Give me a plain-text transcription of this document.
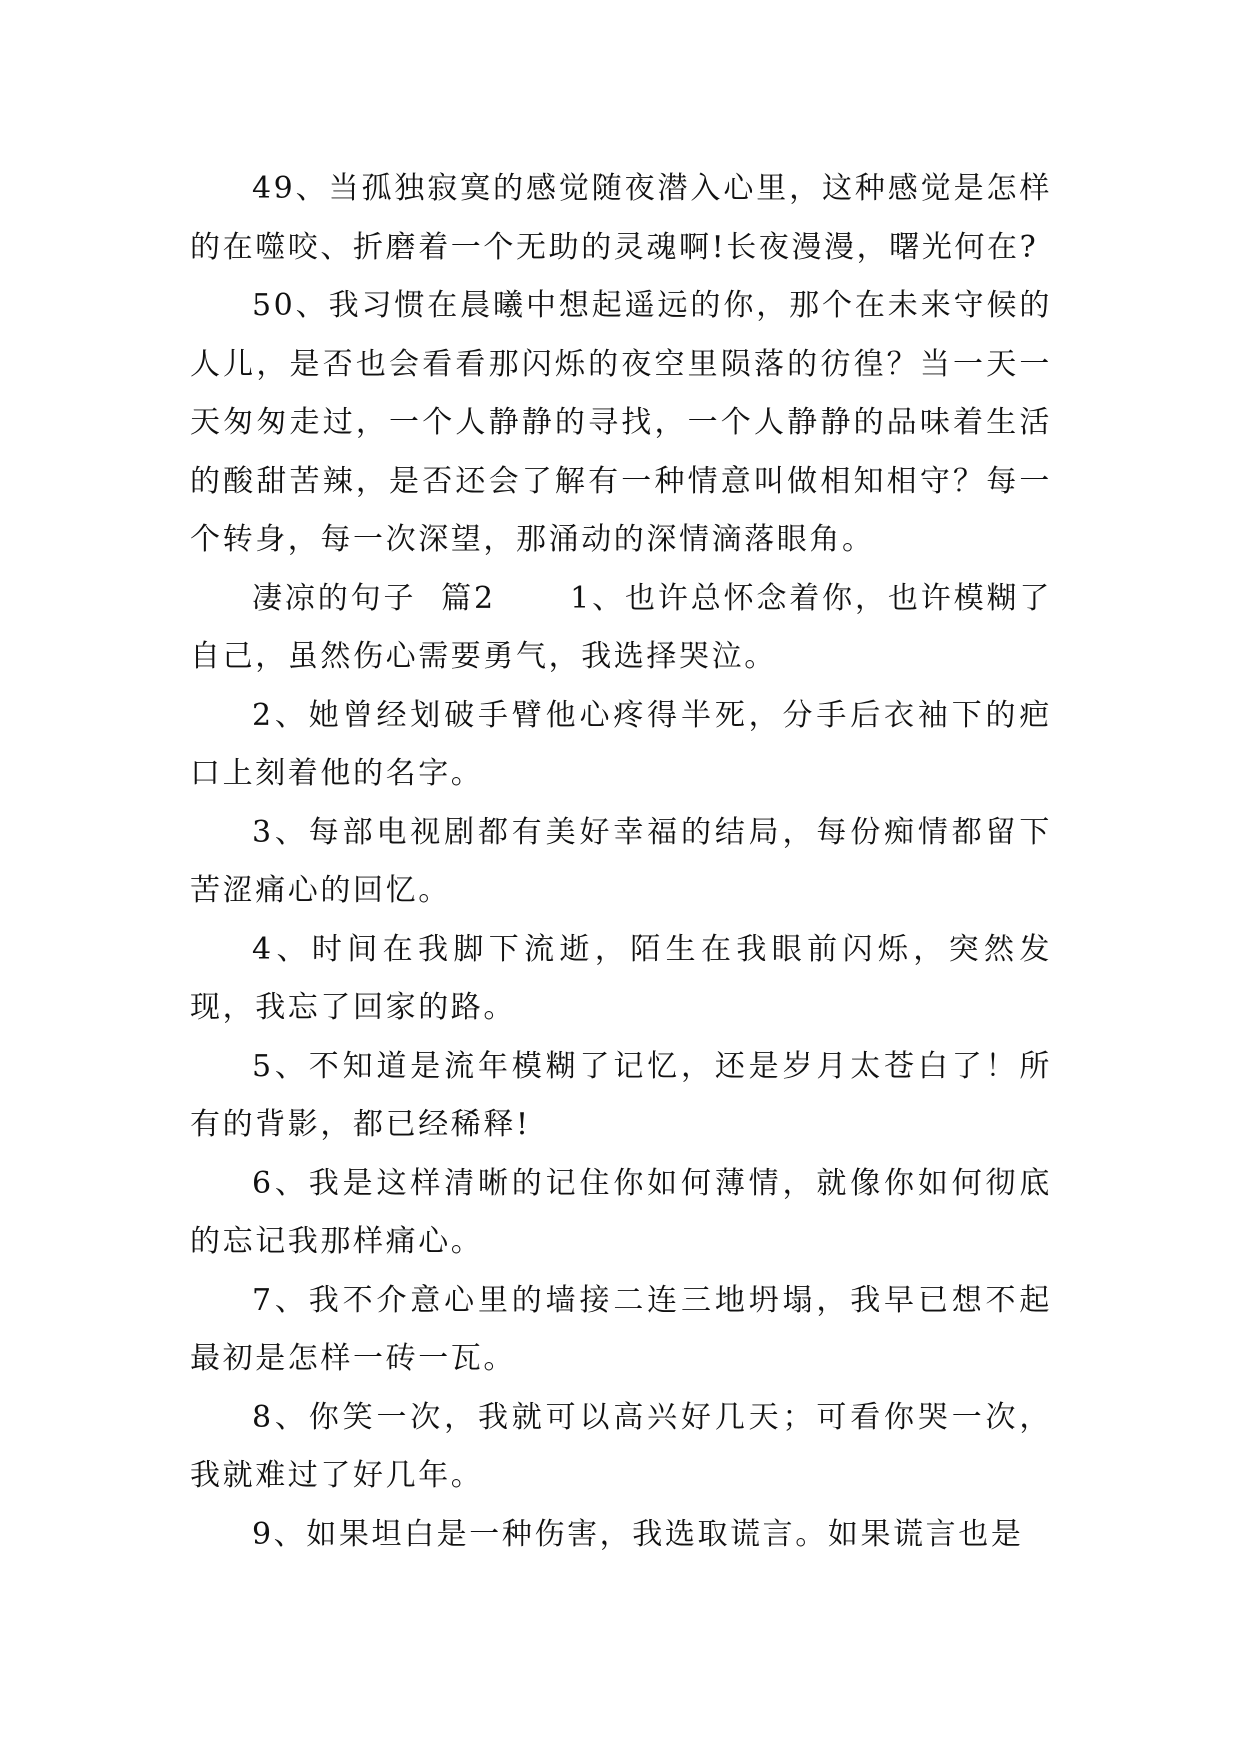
49、当孤独寂寞的感觉随夜潜入心里，这种感觉是怎样的在噬咬、折磨着一个无助的灵魂啊!长夜漫漫，曙光何在?

50、我习惯在晨曦中想起遥远的你，那个在未来守候的人儿，是否也会看看那闪烁的夜空里陨落的彷徨？当一天一天匆匆走过，一个人静静的寻找，一个人静静的品味着生活的酸甜苦辣，是否还会了解有一种情意叫做相知相守？每一个转身，每一次深望，那涌动的深情滴落眼角。

凄凉的句子  篇2      1、也许总怀念着你，也许模糊了自己，虽然伤心需要勇气，我选择哭泣。

2、她曾经划破手臂他心疼得半死，分手后衣袖下的疤口上刻着他的名字。

3、每部电视剧都有美好幸福的结局，每份痴情都留下苦涩痛心的回忆。

4、时间在我脚下流逝，陌生在我眼前闪烁，突然发现，我忘了回家的路。

5、不知道是流年模糊了记忆，还是岁月太苍白了！所有的背影，都已经稀释!

6、我是这样清晰的记住你如何薄情，就像你如何彻底的忘记我那样痛心。

7、我不介意心里的墙接二连三地坍塌，我早已想不起最初是怎样一砖一瓦。

8、你笑一次，我就可以高兴好几天；可看你哭一次，我就难过了好几年。

9、如果坦白是一种伤害，我选取谎言。如果谎言也是
